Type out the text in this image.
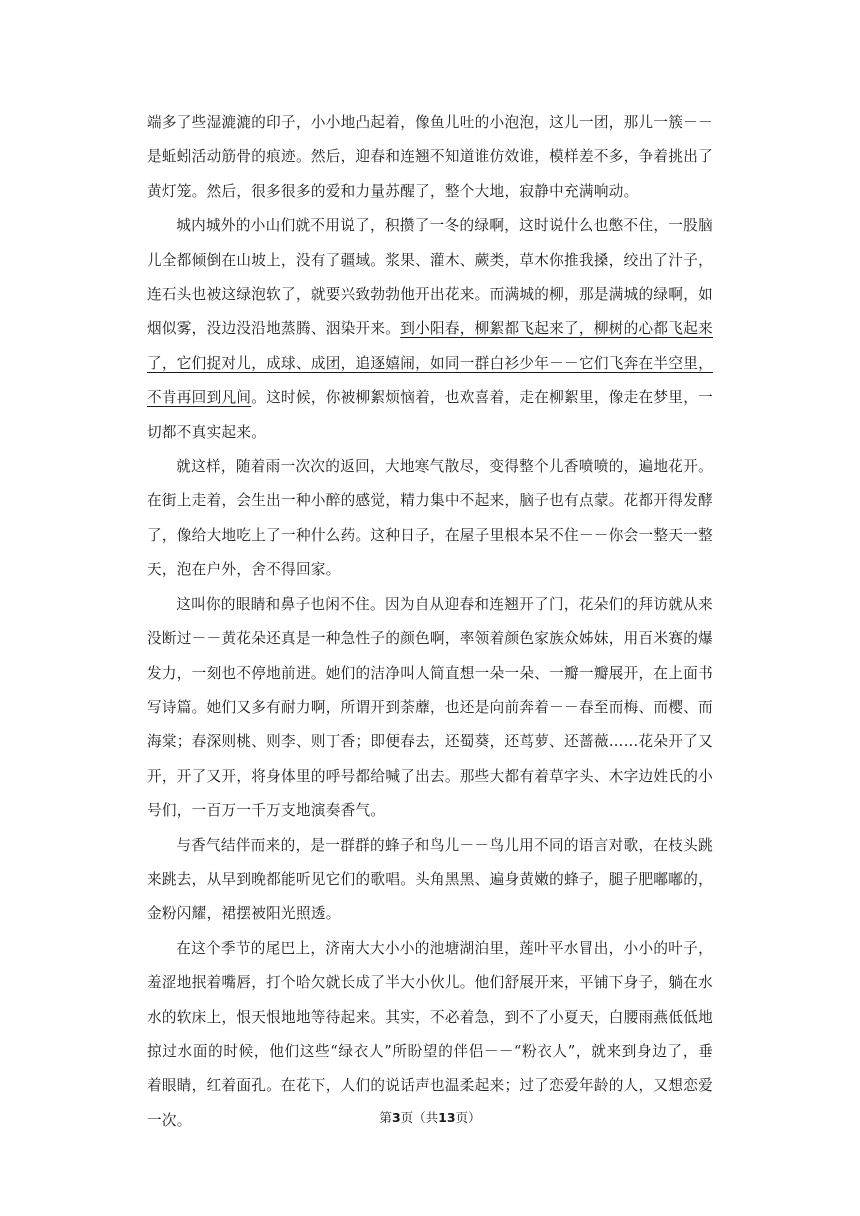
端多了些湿漉漉的印子，小小地凸起着，像鱼儿吐的小泡泡，这儿一团，那儿一簇－－是蚯蚓活动筋骨的痕迹。然后，迎春和连翘不知道谁仿效谁，模样差不多，争着挑出了黄灯笼。然后，很多很多的爱和力量苏醒了，整个大地，寂静中充满响动。

城内城外的小山们就不用说了，积攒了一冬的绿啊，这时说什么也憋不住，一股脑儿全都倾倒在山坡上，没有了疆域。浆果、灌木、蕨类，草木你推我搡，绞出了汁子，连石头也被这绿泡软了，就要兴致勃勃他开出花来。而满城的柳，那是满城的绿啊，如烟似雾，没边没沿地蒸腾、洇染开来。到小阳春，柳絮都飞起来了，柳树的心都飞起来了，它们捉对儿，成球、成团，追逐嬉闹，如同一群白衫少年－－它们飞奔在半空里，不肯再回到凡间。这时候，你被柳絮烦恼着，也欢喜着，走在柳絮里，像走在梦里，一切都不真实起来。

就这样，随着雨一次次的返回，大地寒气散尽，变得整个儿香喷喷的，遍地花开。在街上走着，会生出一种小醉的感觉，精力集中不起来，脑子也有点蒙。花都开得发酵了，像给大地吃上了一种什么药。这种日子，在屋子里根本呆不住－－你会一整天一整天，泡在户外，舍不得回家。

这叫你的眼睛和鼻子也闲不住。因为自从迎春和连翘开了门，花朵们的拜访就从来没断过－－黄花朵还真是一种急性子的颜色啊，率领着颜色家族众姊妹，用百米赛的爆发力，一刻也不停地前进。她们的洁净叫人简直想一朵一朵、一瓣一瓣展开，在上面书写诗篇。她们又多有耐力啊，所谓开到荼蘼，也还是向前奔着－－春至而梅、而樱、而海棠；春深则桃、则李、则丁香；即便春去，还蜀葵，还茑萝、还蔷薇……花朵开了又开，开了又开，将身体里的呼号都给喊了出去。那些大都有着草字头、木字边姓氏的小号们，一百万一千万支地演奏香气。

与香气结伴而来的，是一群群的蜂子和鸟儿－－鸟儿用不同的语言对歌，在枝头跳来跳去，从早到晚都能听见它们的歌唱。头角黑黑、遍身黄嫩的蜂子，腿子肥嘟嘟的，金粉闪耀，裙摆被阳光照透。

在这个季节的尾巴上，济南大大小小的池塘湖泊里，莲叶平水冒出，小小的叶子，羞涩地抿着嘴唇，打个哈欠就长成了半大小伙儿。他们舒展开来，平铺下身子，躺在水水的软床上，恨天恨地地等待起来。其实，不必着急，到不了小夏天，白腰雨燕低低地掠过水面的时候，他们这些“绿衣人”所盼望的伴侣－－“粉衣人”，就来到身边了，垂着眼睛，红着面孔。在花下，人们的说话声也温柔起来；过了恋爱年龄的人，又想恋爱一次。	第3页（共13页）
